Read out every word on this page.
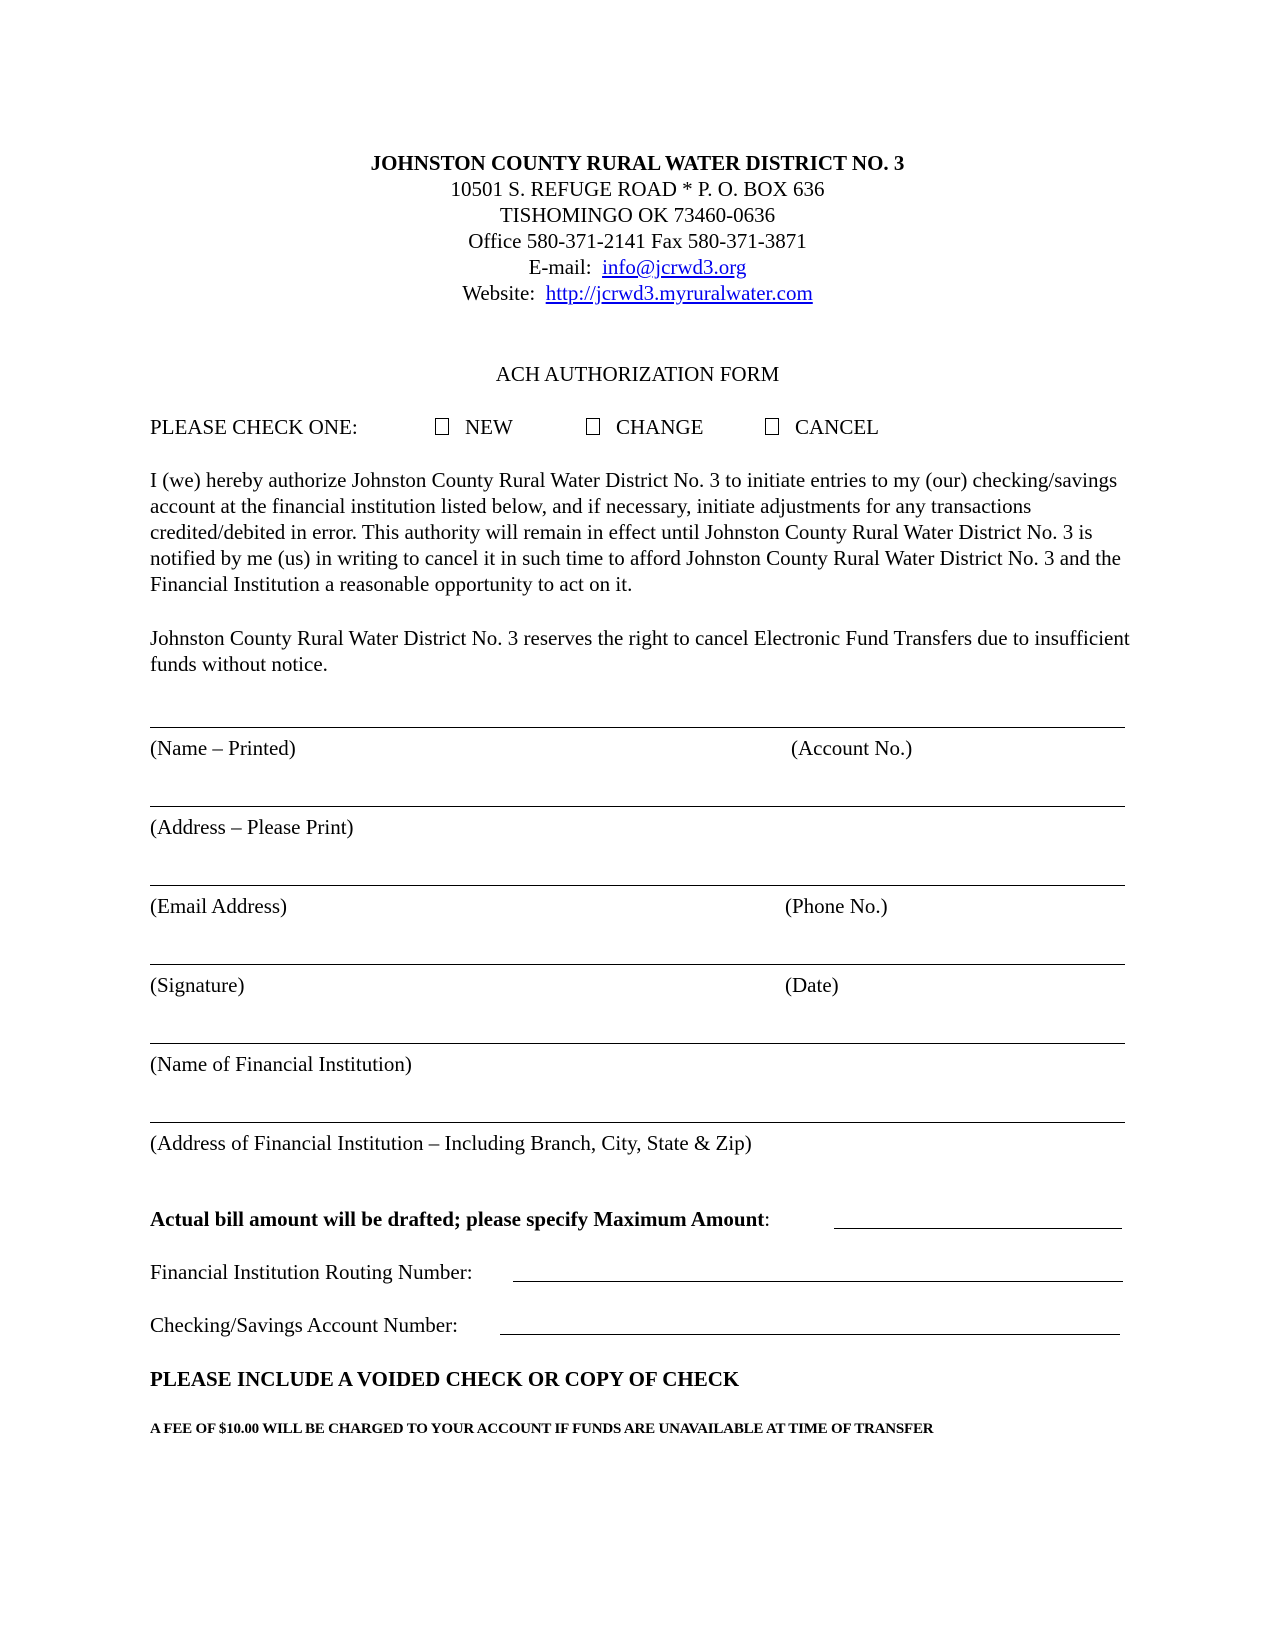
JOHNSTON COUNTY RURAL WATER DISTRICT NO. 3
10501 S. REFUGE ROAD * P. O. BOX 636
TISHOMINGO OK 73460-0636
Office 580-371-2141 Fax 580-371-3871
E-mail: info@jcrwd3.org
Website: http://jcrwd3.myruralwater.com
ACH AUTHORIZATION FORM
PLEASE CHECK ONE:	NEW	CHANGE	CANCEL

I (we) hereby authorize Johnston County Rural Water District No. 3 to initiate entries to my (our) checking/savings account at the financial institution listed below, and if necessary, initiate adjustments for any transactions credited/debited in error. This authority will remain in effect until Johnston County Rural Water District No. 3 is notified by me (us) in writing to cancel it in such time to afford Johnston County Rural Water District No. 3 and the Financial Institution a reasonable opportunity to act on it.

Johnston County Rural Water District No. 3 reserves the right to cancel Electronic Fund Transfers due to insufficient funds without notice.

(Name – Printed)	(Account No.)
(Address – Please Print)
(Email Address)	(Phone No.)
(Signature)	(Date)
(Name of Financial Institution)
(Address of Financial Institution – Including Branch, City, State & Zip)
Actual bill amount will be drafted; please specify Maximum Amount:
Financial Institution Routing Number:
Checking/Savings Account Number:
PLEASE INCLUDE A VOIDED CHECK OR COPY OF CHECK
A FEE OF $10.00 WILL BE CHARGED TO YOUR ACCOUNT IF FUNDS ARE UNAVAILABLE AT TIME OF TRANSFER
